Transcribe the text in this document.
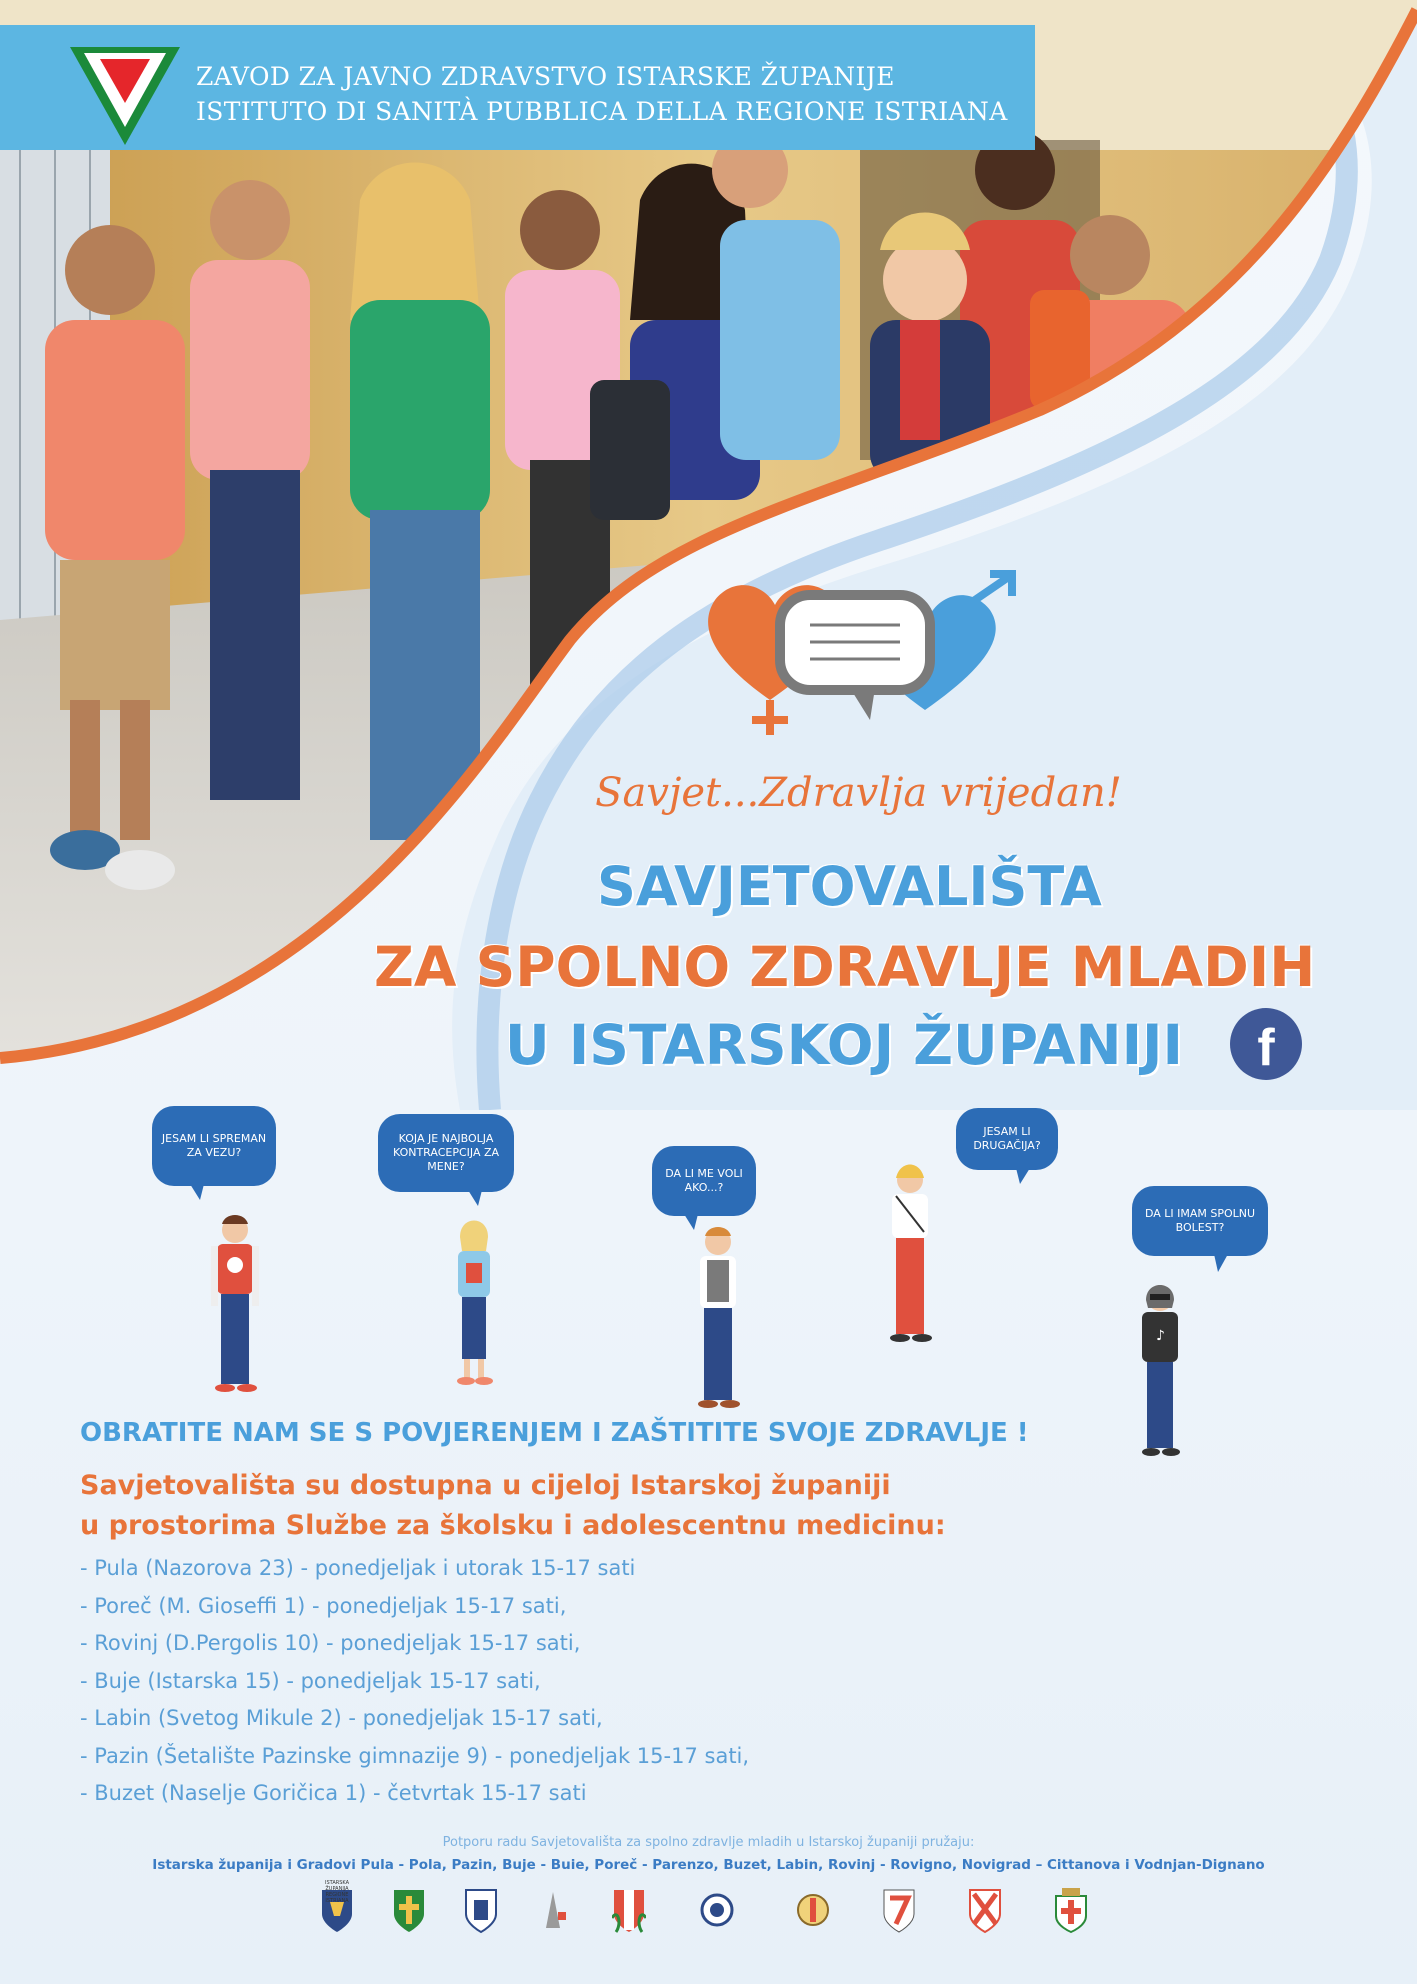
ZAVOD ZA JAVNO ZDRAVSTVO ISTARSKE ŽUPANIJE
ISTITUTO DI SANITÀ PUBBLICA DELLA REGIONE ISTRIANA
Savjet...Zdravlja vrijedan!
SAVJETOVALIŠTA
ZA SPOLNO ZDRAVLJE MLADIH
U ISTARSKOJ ŽUPANIJI	f
JESAM LI SPREMAN ZA VEZU?
KOJA JE NAJBOLJA KONTRACEPCIJA ZA MENE?
DA LI ME VOLI AKO...?
JESAM LI DRUGAČIJA?
DA LI IMAM SPOLNU BOLEST?
♪
OBRATITE NAM SE S POVJERENJEM I ZAŠTITITE SVOJE ZDRAVLJE !
Savjetovališta su dostupna u cijeloj Istarskoj županiji
u prostorima Službe za školsku i adolescentnu medicinu:
- Pula (Nazorova 23) - ponedjeljak i utorak 15-17 sati
- Poreč (M. Gioseffi 1) - ponedjeljak 15-17 sati,
- Rovinj (D.Pergolis 10) - ponedjeljak 15-17 sati,
- Buje (Istarska 15) - ponedjeljak 15-17 sati,
- Labin (Svetog Mikule 2) - ponedjeljak 15-17 sati,
- Pazin (Šetalište Pazinske gimnazije 9) - ponedjeljak 15-17 sati,
- Buzet (Naselje Goričica 1) - četvrtak 15-17 sati
Potporu radu Savjetovališta za spolno zdravlje mladih u Istarskoj županiji pružaju:
Istarska županija i Gradovi Pula - Pola, Pazin, Buje - Buie, Poreč - Parenzo, Buzet, Labin, Rovinj - Rovigno, Novigrad – Cittanova i Vodnjan-Dignano
ISTARSKA ŽUPANIJA REGIONE ISTRIANA
